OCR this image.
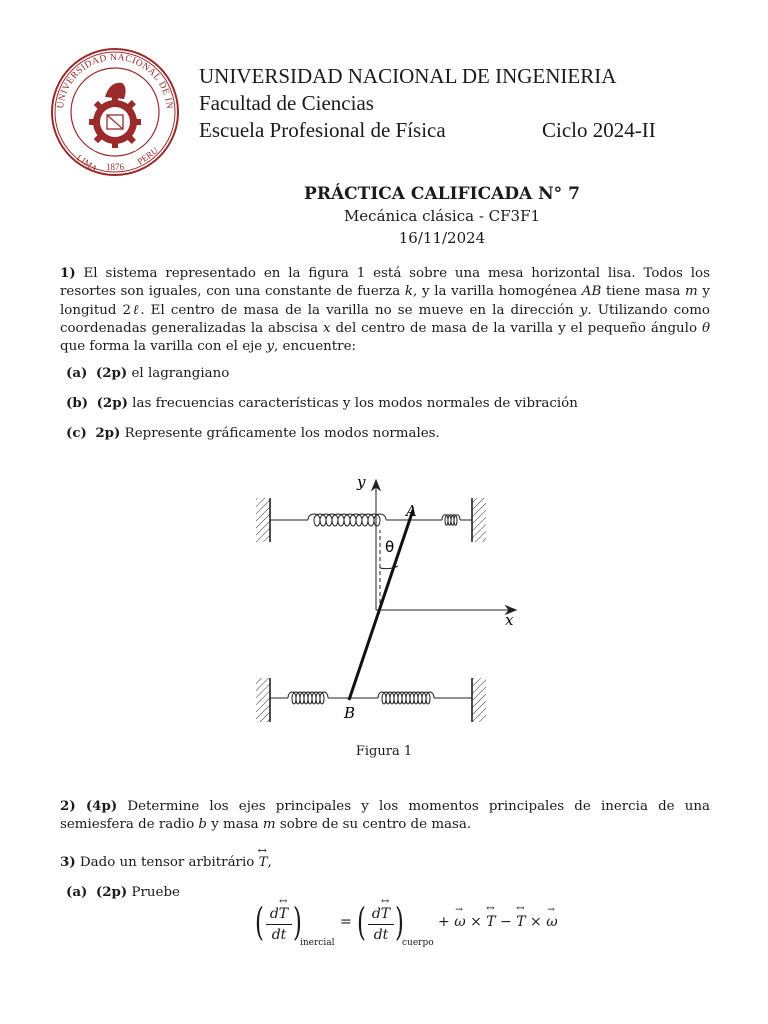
UNIVERSIDAD NACIONAL DE IN
LIMA	PERU
1876
SCIENTIA ET LABOR
UNIVERSIDAD NACIONAL DE INGENIERIA
Facultad de Ciencias
Escuela Profesional de Física	Ciclo 2024-II
PRÁCTICA CALIFICADA N° 7
Mecánica clásica - CF3F1
16/11/2024
1) El sistema representado en la figura 1 está sobre una mesa horizontal lisa. Todos los resortes son iguales, con una constante de fuerza k, y la varilla homogénea AB tiene masa m y longitud 2ℓ. El centro de masa de la varilla no se mueve en la dirección y. Utilizando como coordenadas generalizadas la abscisa x del centro de masa de la varilla y el pequeño ángulo θ que forma la varilla con el eje y, encuentre:
(a) (2p) el lagrangiano
(b) (2p) las frecuencias características y los modos normales de vibración
(c) 2p) Represente gráficamente los modos normales.
y
x
A
B
θ
Figura 1
2) (4p) Determine los ejes principales y los momentos principales de inercia de una semiesfera de radio b y masa m sobre de su centro de masa.
3) Dado un tensor arbitrário
↔
T,
(a) (2p) Pruebe
( ↔
dT
dt )
inercial
= ( ↔
dT
dt )
cuerpo
+
→
ω ×
↔
T −
↔
T ×
→
ω
